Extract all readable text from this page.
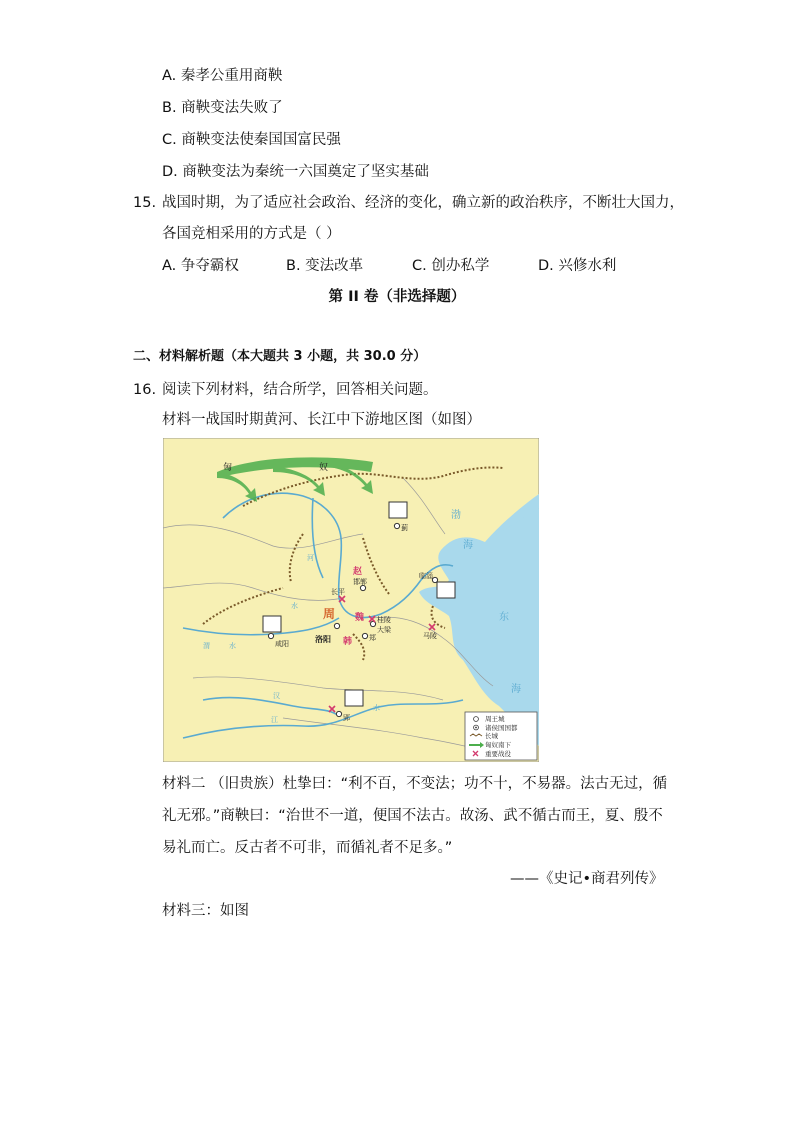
A. 秦孝公重用商鞅
B. 商鞅变法失败了
C. 商鞅变法使秦国国富民强
D. 商鞅变法为秦统一六国奠定了坚实基础
15. 战国时期，为了适应社会政治、经济的变化，确立新的政治秩序，不断壮大国力，
各国竞相采用的方式是（ ）
A. 争夺霸权	B. 变法改革	C. 创办私学	D. 兴修水利
第 II 卷（非选择题）
二、材料解析题（本大题共 3 小题，共 30.0 分）
16. 阅读下列材料，结合所学，回答相关问题。
材料一战国时期黄河、长江中下游地区图（如图）
匈	奴
渤
海
东
海
河
渭	水
水
水
汉
江
赵
魏
韩
周
蓟
临淄
邯郸
长平
桂陵
大梁
郑
洛阳
咸阳
马陵
郢	周王城
诸侯国国都
长城
匈奴南下
重要战役
材料二 （旧贵族）杜挚曰：“利不百，不变法；功不十，不易器。法古无过，循
礼无邪。”商鞅曰：“治世不一道，便国不法古。故汤、武不循古而王，夏、殷不
易礼而亡。反古者不可非，而循礼者不足多。”
——《史记•商君列传》
材料三：如图
